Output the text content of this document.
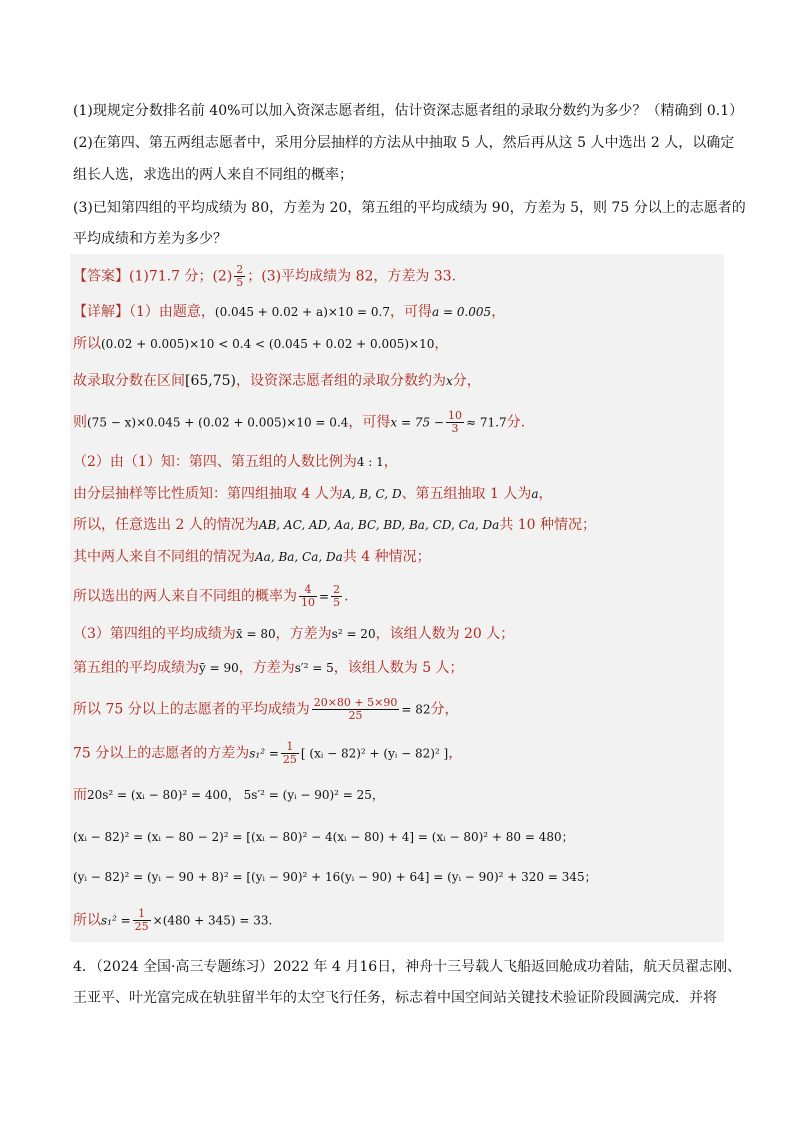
(1)现规定分数排名前 40%可以加入资深志愿者组，估计资深志愿者组的录取分数约为多少？（精确到 0.1）
(2)在第四、第五两组志愿者中，采用分层抽样的方法从中抽取 5 人，然后再从这 5 人中选出 2 人，以确定
组长人选，求选出的两人来自不同组的概率；
(3)已知第四组的平均成绩为 80，方差为 20，第五组的平均成绩为 90，方差为 5，则 75 分以上的志愿者的
平均成绩和方差为多少？
【答案】(1)71.7 分；$(2) \frac{2}{5}$ ；(3)平均成绩为 82，方差为 33.
【详解】（1）由题意，(0.045 + 0.02 + a)×10 = 0.7，可得a = 0.005，
所以(0.02 + 0.005)×10 < 0.4 < (0.045 + 0.02 + 0.005)×10，
故录取分数在区间[65,75)，设资深志愿者组的录取分数约为x分，
则(75 − x)×0.045 + (0.02 + 0.005)×10 = 0.4，可得$x = 75 - \frac{10}{3} \approx 71.7$分.
（2）由（1）知：第四、第五组的人数比例为4 : 1，
由分层抽样等比性质知：第四组抽取 4 人为A, B, C, D、第五组抽取 1 人为a，
所以，任意选出 2 人的情况为AB, AC, AD, Aa, BC, BD, Ba, CD, Ca, Da共 10 种情况；
其中两人来自不同组的情况为Aa, Ba, Ca, Da共 4 种情况；
所以选出的两人来自不同组的概率为 $\frac{4}{10} = \frac{2}{5}$ .
（3）第四组的平均成绩为x̄ = 80，方差为s² = 20，该组人数为 20 人；
第五组的平均成绩为ȳ = 90，方差为s′² = 5，该组人数为 5 人；
所以 75 分以上的志愿者的平均成绩为 $\frac{20\times 80 + 5\times 90}{25} = 82$分，
75 分以上的志愿者的方差为$s_1^2 = \frac{1}{25}$ [ (xᵢ − 82)² + (yᵢ − 82)² ]，
而20s² = (xᵢ − 80)² = 400， 5s′² = (yᵢ − 90)² = 25，
(xᵢ − 82)² = (xᵢ − 80 − 2)² = [(xᵢ − 80)² − 4(xᵢ − 80) + 4] = (xᵢ − 80)² + 80 = 480；
(yᵢ − 82)² = (yᵢ − 90 + 8)² = [(yᵢ − 90)² + 16(yᵢ − 90) + 64] = (yᵢ − 90)² + 320 = 345；
所以$s_1^2 = \frac{1}{25} \times(480 + 345) = 33$.
4．（2024 全国·高三专题练习）2022 年 4 月16日，神舟十三号载人飞船返回舱成功着陆，航天员翟志刚、
王亚平、叶光富完成在轨驻留半年的太空飞行任务，标志着中国空间站关键技术验证阶段圆满完成．并将
